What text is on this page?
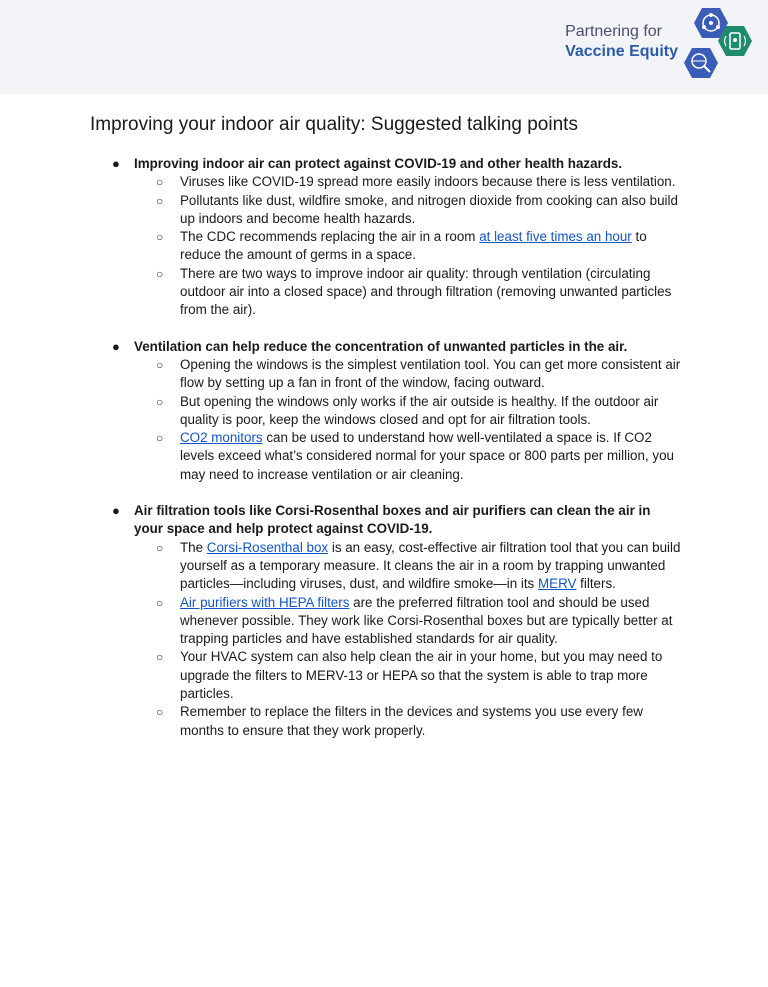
Partnering for
Vaccine Equity
Improving your indoor air quality: Suggested talking points
● Improving indoor air can protect against COVID-19 and other health hazards.

○ Viruses like COVID-19 spread more easily indoors because there is less ventilation.

○ Pollutants like dust, wildfire smoke, and nitrogen dioxide from cooking can also build up indoors and become health hazards.

○ The CDC recommends replacing the air in a room at least five times an hour to reduce the amount of germs in a space.

○ There are two ways to improve indoor air quality: through ventilation (circulating outdoor air into a closed space) and through filtration (removing unwanted particles from the air).

● Ventilation can help reduce the concentration of unwanted particles in the air.

○ Opening the windows is the simplest ventilation tool. You can get more consistent air flow by setting up a fan in front of the window, facing outward.

○ But opening the windows only works if the air outside is healthy. If the outdoor air quality is poor, keep the windows closed and opt for air filtration tools.

○ CO2 monitors can be used to understand how well-ventilated a space is. If CO2 levels exceed what’s considered normal for your space or 800 parts per million, you may need to increase ventilation or air cleaning.

● Air filtration tools like Corsi-Rosenthal boxes and air purifiers can clean the air in your space and help protect against COVID-19.

○ The Corsi-Rosenthal box is an easy, cost-effective air filtration tool that you can build yourself as a temporary measure. It cleans the air in a room by trapping unwanted particles—including viruses, dust, and wildfire smoke—in its MERV filters.

○ Air purifiers with HEPA filters are the preferred filtration tool and should be used whenever possible. They work like Corsi-Rosenthal boxes but are typically better at trapping particles and have established standards for air quality.

○ Your HVAC system can also help clean the air in your home, but you may need to upgrade the filters to MERV-13 or HEPA so that the system is able to trap more particles.

○ Remember to replace the filters in the devices and systems you use every few months to ensure that they work properly.
